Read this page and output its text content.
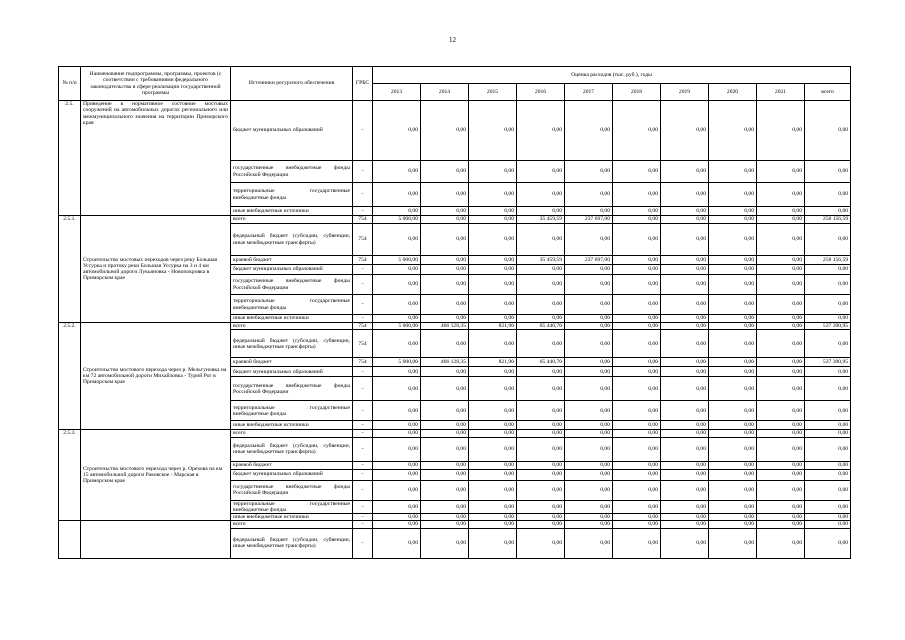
12
№ п/п	Наименование подпрограммы, программы, проектов (с соответствии с требованиями федерального законодательства в сфере реализации государственной программы	Источники ресурсного обеспечения	ГРБС	Оценка расходов (тыс. руб.), годы									
				2013	2014	2015	2016	2017	2018	2019	2020	2021	всего
2.5.	Приведение в нормативное состояние мостовых сооружений на автомобильных дорогах регионального или межмуниципального значения на территории Приморского края	бюджет муниципальных образований	-	0,00	0,00	0,00	0,00	0,00	0,00	0,00	0,00	0,00	0,00
		государственные внебюджетные фонды Российской Федерации	-	0,00	0,00	0,00	0,00	0,00	0,00	0,00	0,00	0,00	0,00
		территориальные государственные внебюджетные фонды	-	0,00	0,00	0,00	0,00	0,00	0,00	0,00	0,00	0,00	0,00
		иные внебюджетные источники	-	0,00	0,00	0,00	0,00	0,00	0,00	0,00	0,00	0,00	0,00
2.5.1.	Строительство мостовых переходов через реку Большая Уссурка и протоку реки Большая Уссурка на 3 и 4 км автомобильной дороги Лукьяновка - Новопокровка в Приморском крае	всего	754	5 000,00	0,00	0,00	35 459,59	237 697,00	0,00	0,00	0,00	0,00	258 156,59
		федеральный бюджет (субсидии, субвенции, иные межбюджетные трансферты)	754	0,00	0,00	0,00	0,00	0,00	0,00	0,00	0,00	0,00	0,00
		краевой бюджет	754	5 000,00	0,00	0,00	35 459,59	237 697,00	0,00	0,00	0,00	0,00	258 156,59
		бюджет муниципальных образований	-	0,00	0,00	0,00	0,00	0,00	0,00	0,00	0,00	0,00	0,00
		государственные внебюджетные фонды Российской Федерации	-	0,00	0,00	0,00	0,00	0,00	0,00	0,00	0,00	0,00	0,00
		территориальные государственные внебюджетные фонды	-	0,00	0,00	0,00	0,00	0,00	0,00	0,00	0,00	0,00	0,00
		иные внебюджетные источники	-	0,00	0,00	0,00	0,00	0,00	0,00	0,00	0,00	0,00	0,00
2.5.2.	Строительство мостового перехода через р. Мельгуновка на км 72 автомобильной дороги Михайловка - Турий Рог в Приморском крае	всего	754	5 000,00	466 128,35	821,90	65 440,70	0,00	0,00	0,00	0,00	0,00	537 390,95
		федеральный бюджет (субсидии, субвенции, иные межбюджетные трансферты)	754	0,00	0,00	0,00	0,00	0,00	0,00	0,00	0,00	0,00	0,00
		краевой бюджет	754	5 000,00	466 128,35	821,90	65 440,70	0,00	0,00	0,00	0,00	0,00	537 390,95
		бюджет муниципальных образований	-	0,00	0,00	0,00	0,00	0,00	0,00	0,00	0,00	0,00	0,00
		государственные внебюджетные фонды Российской Федерации	-	0,00	0,00	0,00	0,00	0,00	0,00	0,00	0,00	0,00	0,00
		территориальные государственные внебюджетные фонды	-	0,00	0,00	0,00	0,00	0,00	0,00	0,00	0,00	0,00	0,00
		иные внебюджетные источники	-	0,00	0,00	0,00	0,00	0,00	0,00	0,00	0,00	0,00	0,00
2.5.3.	Строительство мостового перехода через р. Орехова на км 15 автомобильной дороги Раковское - Марская в Приморском крае	всего	-	0,00	0,00	0,00	0,00	0,00	0,00	0,00	0,00	0,00	0,00
		федеральный бюджет (субсидии, субвенции, иные межбюджетные трансферты)	-	0,00	0,00	0,00	0,00	0,00	0,00	0,00	0,00	0,00	0,00
		краевой бюджет	-	0,00	0,00	0,00	0,00	0,00	0,00	0,00	0,00	0,00	0,00
		бюджет муниципальных образований	-	0,00	0,00	0,00	0,00	0,00	0,00	0,00	0,00	0,00	0,00
		государственные внебюджетные фонды Российской Федерации	-	0,00	0,00	0,00	0,00	0,00	0,00	0,00	0,00	0,00	0,00
		территориальные государственные внебюджетные фонды	-	0,00	0,00	0,00	0,00	0,00	0,00	0,00	0,00	0,00	0,00
		иные внебюджетные источники	-	0,00	0,00	0,00	0,00	0,00	0,00	0,00	0,00	0,00	0,00
		всего	-	0,00	0,00	0,00	0,00	0,00	0,00	0,00	0,00	0,00	0,00
		федеральный бюджет (субсидии, субвенции, иные межбюджетные трансферты)	-	0,00	0,00	0,00	0,00	0,00	0,00	0,00	0,00	0,00	0,00
